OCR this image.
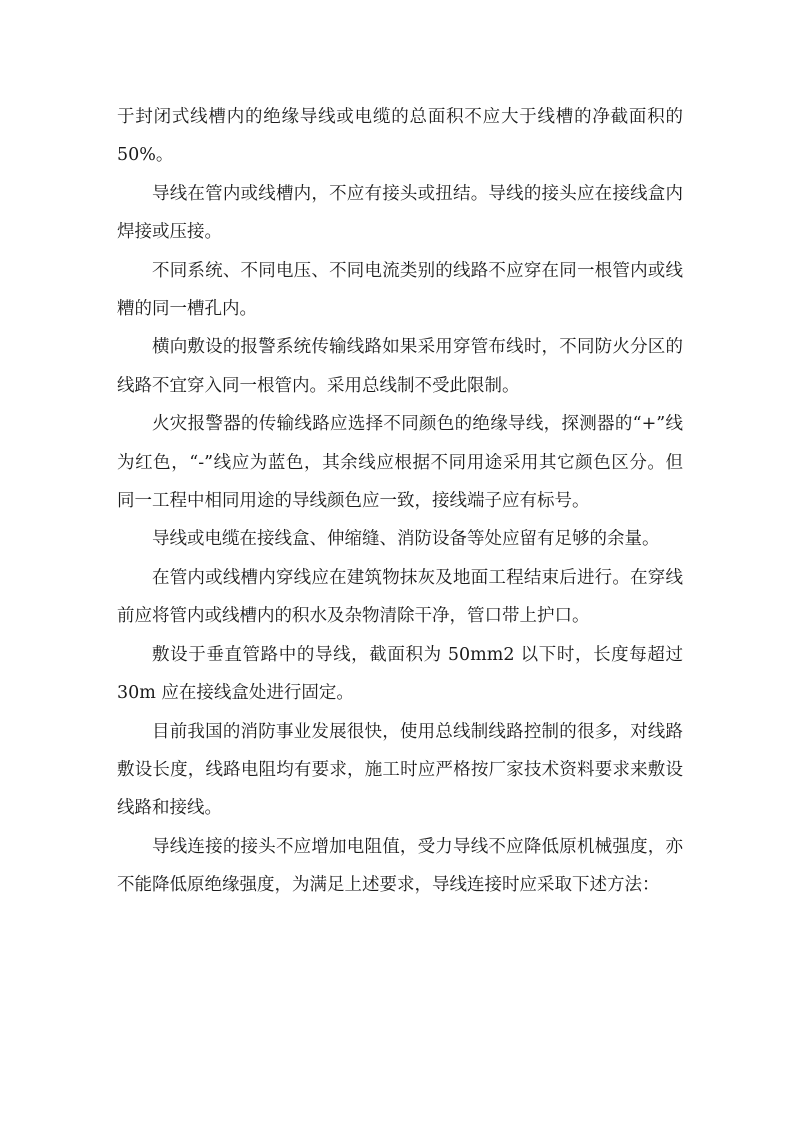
于封闭式线槽内的绝缘导线或电缆的总面积不应大于线槽的净截面积的 50%。

导线在管内或线槽内，不应有接头或扭结。导线的接头应在接线盒内焊接或压接。

不同系统、不同电压、不同电流类别的线路不应穿在同一根管内或线糟的同一槽孔内。

横向敷设的报警系统传输线路如果采用穿管布线时，不同防火分区的线路不宜穿入同一根管内。采用总线制不受此限制。

火灾报警器的传输线路应选择不同颜色的绝缘导线，探测器的“+”线为红色，“-”线应为蓝色，其余线应根据不同用途采用其它颜色区分。但同一工程中相同用途的导线颜色应一致，接线端子应有标号。

导线或电缆在接线盒、伸缩缝、消防设备等处应留有足够的余量。

在管内或线槽内穿线应在建筑物抹灰及地面工程结束后进行。在穿线前应将管内或线槽内的积水及杂物清除干净，管口带上护口。

敷设于垂直管路中的导线，截面积为 50mm2 以下时，长度每超过 30m 应在接线盒处进行固定。

目前我国的消防事业发展很快，使用总线制线路控制的很多，对线路敷设长度，线路电阻均有要求，施工时应严格按厂家技术资料要求来敷设线路和接线。

导线连接的接头不应增加电阻值，受力导线不应降低原机械强度，亦不能降低原绝缘强度，为满足上述要求，导线连接时应采取下述方法：
